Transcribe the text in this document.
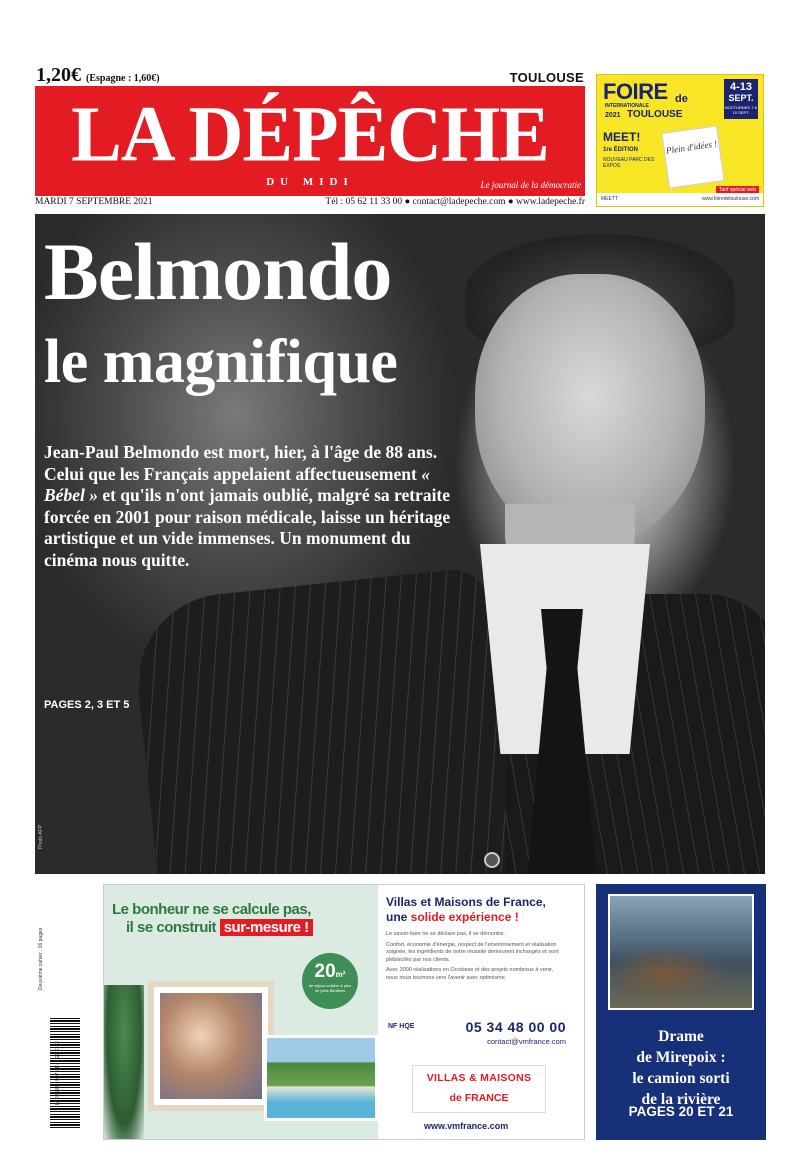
1,20€ (Espagne : 1,60€)	TOULOUSE
LA DÉPÊCHE
DU MIDI	Le journal de la démocratie
MARDI 7 SEPTEMBRE 2021	Tél : 05 62 11 33 00 ● contact@ladepeche.com ● www.ladepeche.fr
FOIRE de
INTERNATIONALE
2021 TOULOUSE
4-13
SEPT.
NOCTURNES 7 & 10 SEPT.
MEET!
1re ÉDITION
NOUVEAU PARC DES EXPOS
Plein d'idées !
Tarif spécial web
MEETT	www.foiredetoulouse.com
Photo AFP
Belmondo
le magnifique
Jean-Paul Belmondo est mort, hier, à l'âge de 88 ans. Celui que les Français appelaient affectueusement « Bébel » et qu'ils n'ont jamais oublié, malgré sa retraite forcée en 2001 pour raison médicale, laisse un héritage artistique et un vide immenses. Un monument du cinéma nous quitte.
PAGES 2, 3 ET 5
Deuxième cahier : 16 pages
M 02583 - 907 - F: 1,20 € - 2
Le bonheur ne se calcule pas,
il se construit sur-mesure !
20m²
de séjour-cuisine & plus de joies illimitées
Villas et Maisons de France,
une solide expérience !

Le savoir-faire ne se déclare pas, il se démontre.

Confort, économie d'énergie, respect de l'environnement et réalisation soignée, les ingrédients de notre réussite demeurent inchangés et sont plébiscités par nos clients.

Avec 3000 réalisations en Occitanie et des projets nombreux à venir, nous nous tournons vers l'avenir avec optimisme.

NF HQE	05 34 48 00 00
contact@vmfrance.com
VILLAS & MAISONS
de FRANCE
www.vmfrance.com
Drame
de Mirepoix :
le camion sorti
de la rivière
PAGES 20 ET 21
